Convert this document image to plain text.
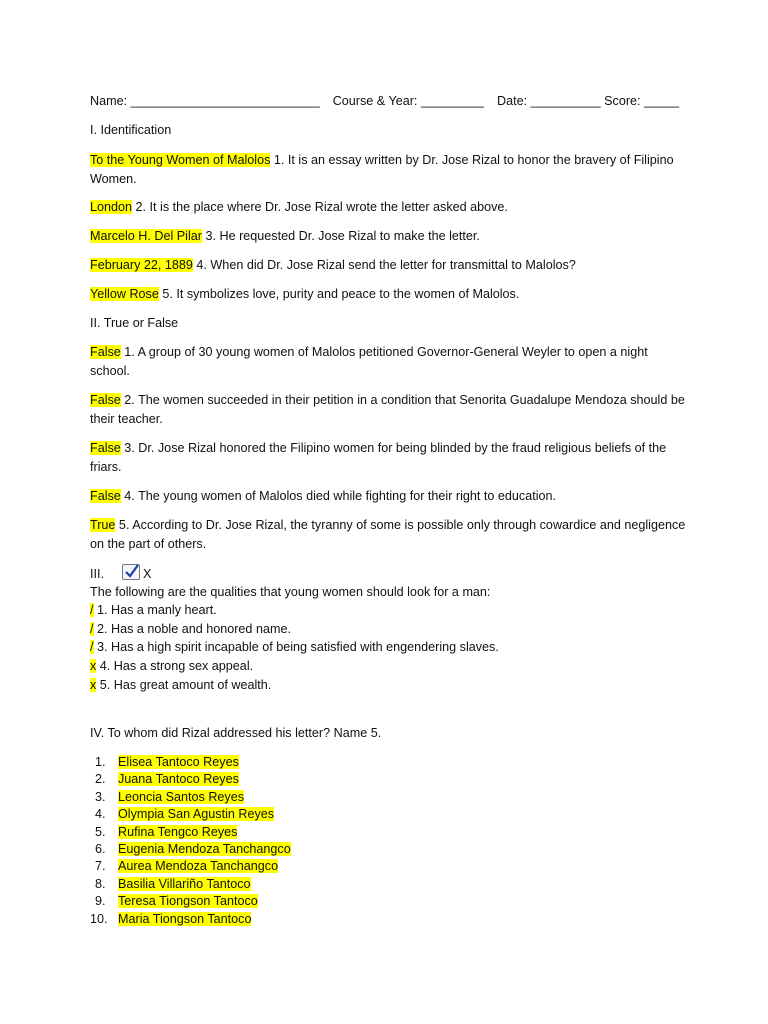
Name: ___________________________ Course & Year: _________ Date: __________ Score: _____
I. Identification
To the Young Women of Malolos 1. It is an essay written by Dr. Jose Rizal to honor the bravery of Filipino Women.
London 2. It is the place where Dr. Jose Rizal wrote the letter asked above.
Marcelo H. Del Pilar 3. He requested Dr. Jose Rizal to make the letter.
February 22, 1889 4. When did Dr. Jose Rizal send the letter for transmittal to Malolos?
Yellow Rose 5. It symbolizes love, purity and peace to the women of Malolos.
II. True or False
False 1. A group of 30 young women of Malolos petitioned Governor-General Weyler to open a night school.
False 2. The women succeeded in their petition in a condition that Senorita Guadalupe Mendoza should be their teacher.
False 3. Dr. Jose Rizal honored the Filipino women for being blinded by the fraud religious beliefs of the friars.
False 4. The young women of Malolos died while fighting for their right to education.
True 5. According to Dr. Jose Rizal, the tyranny of some is possible only through cowardice and negligence on the part of others.
III.	X
The following are the qualities that young women should look for a man:
/ 1. Has a manly heart.
/ 2. Has a noble and honored name.
/ 3. Has a high spirit incapable of being satisfied with engendering slaves.
x 4. Has a strong sex appeal.
x 5. Has great amount of wealth.
IV. To whom did Rizal addressed his letter? Name 5.
1. Elisea Tantoco Reyes
2. Juana Tantoco Reyes
3. Leoncia Santos Reyes
4. Olympia San Agustin Reyes
5. Rufina Tengco Reyes
6. Eugenia Mendoza Tanchangco
7. Aurea Mendoza Tanchangco
8. Basilia Villariño Tantoco
9. Teresa Tiongson Tantoco
10. Maria Tiongson Tantoco
